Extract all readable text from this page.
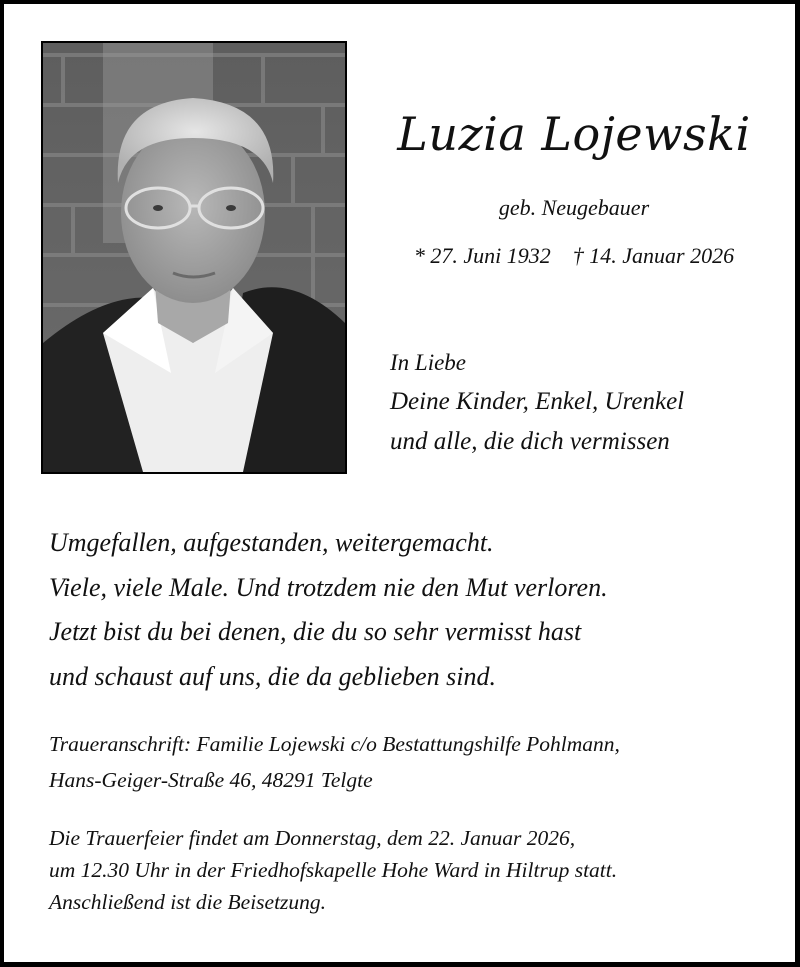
Luzia Lojewski
geb. Neugebauer
* 27. Juni 1932 † 14. Januar 2026
In Liebe
Deine Kinder, Enkel, Urenkel
und alle, die dich vermissen
Umgefallen, aufgestanden, weitergemacht.
Viele, viele Male. Und trotzdem nie den Mut verloren.
Jetzt bist du bei denen, die du so sehr vermisst hast
und schaust auf uns, die da geblieben sind.
Traueranschrift: Familie Lojewski c/o Bestattungshilfe Pohlmann,
Hans-Geiger-Straße 46, 48291 Telgte
Die Trauerfeier findet am Donnerstag, dem 22. Januar 2026,
um 12.30 Uhr in der Friedhofskapelle Hohe Ward in Hiltrup statt.
Anschließend ist die Beisetzung.
